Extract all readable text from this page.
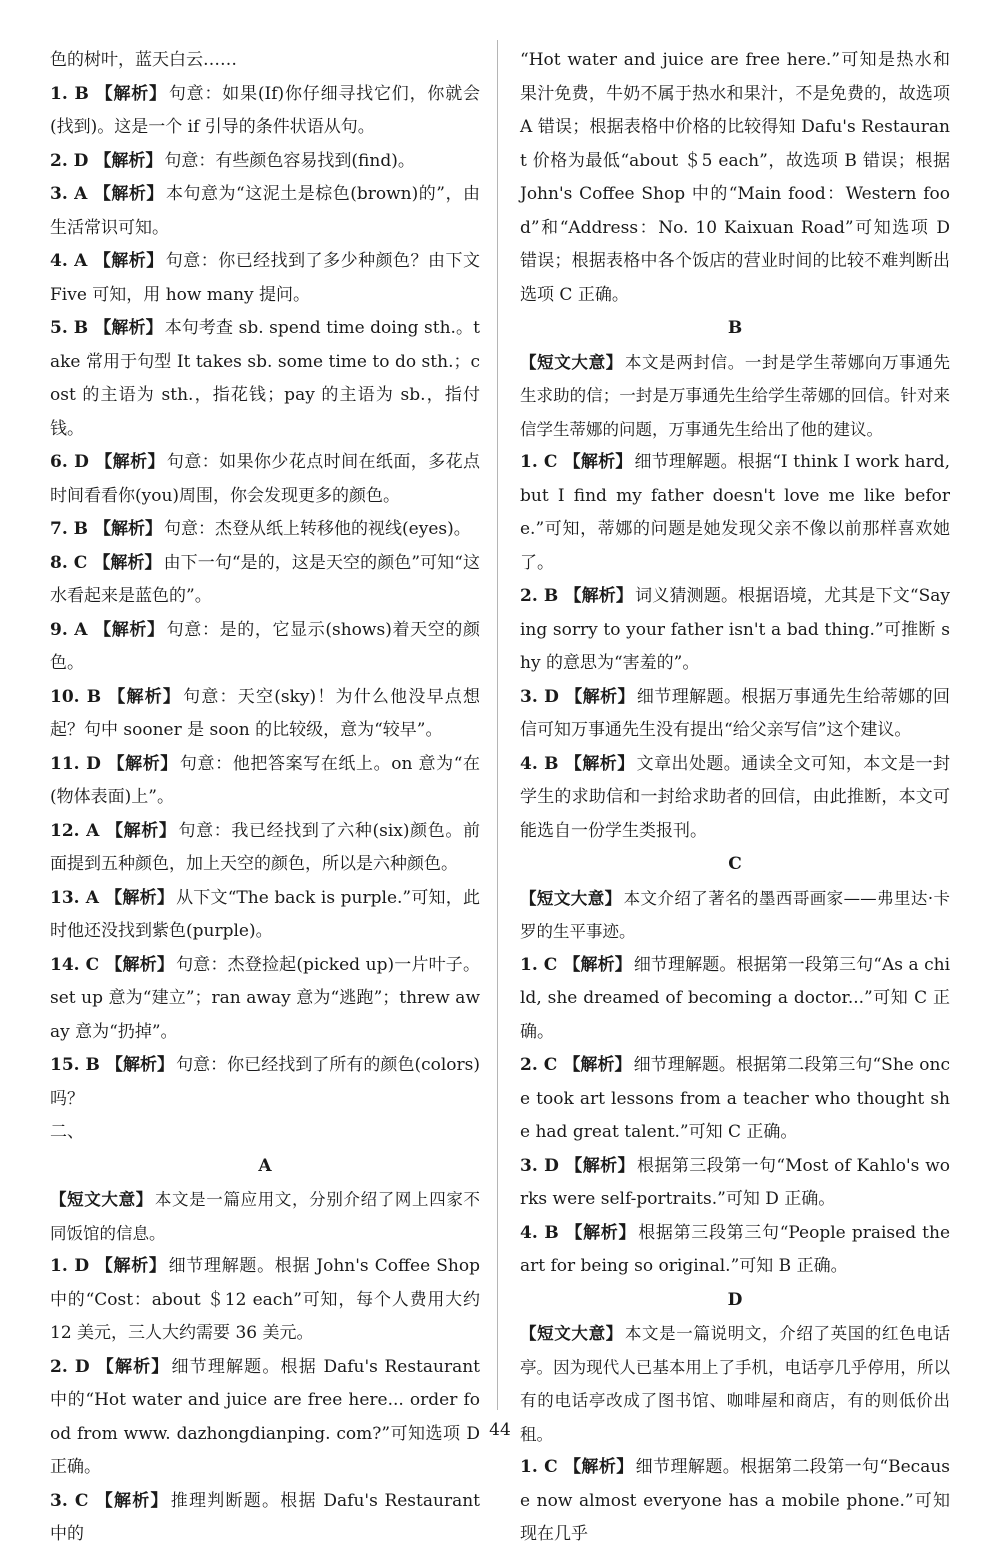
色的树叶，蓝天白云……

1. B 【解析】 句意：如果(If)你仔细寻找它们，你就会(找到)。这是一个 if 引导的条件状语从句。

2. D 【解析】 句意：有些颜色容易找到(find)。

3. A 【解析】 本句意为“这泥土是棕色(brown)的”，由生活常识可知。

4. A 【解析】 句意：你已经找到了多少种颜色？由下文 Five 可知，用 how many 提问。

5. B 【解析】 本句考查 sb. spend time doing sth.。take 常用于句型 It takes sb. some time to do sth.；cost 的主语为 sth.，指花钱；pay 的主语为 sb.，指付钱。

6. D 【解析】 句意：如果你少花点时间在纸面，多花点时间看看你(you)周围，你会发现更多的颜色。

7. B 【解析】 句意：杰登从纸上转移他的视线(eyes)。

8. C 【解析】 由下一句“是的，这是天空的颜色”可知“这水看起来是蓝色的”。

9. A 【解析】 句意：是的，它显示(shows)着天空的颜色。

10. B 【解析】 句意：天空(sky)！为什么他没早点想起？句中 sooner 是 soon 的比较级，意为“较早”。

11. D 【解析】 句意：他把答案写在纸上。on 意为“在(物体表面)上”。

12. A 【解析】 句意：我已经找到了六种(six)颜色。前面提到五种颜色，加上天空的颜色，所以是六种颜色。

13. A 【解析】 从下文“The back is purple.”可知，此时他还没找到紫色(purple)。

14. C 【解析】 句意：杰登捡起(picked up)一片叶子。set up 意为“建立”；ran away 意为“逃跑”；threw away 意为“扔掉”。

15. B 【解析】 句意：你已经找到了所有的颜色(colors)吗？

二、

A

【短文大意】 本文是一篇应用文，分别介绍了网上四家不同饭馆的信息。

1. D 【解析】 细节理解题。根据 John's Coffee Shop 中的“Cost：about ＄12 each”可知，每个人费用大约 12 美元，三人大约需要 36 美元。

2. D 【解析】 细节理解题。根据 Dafu's Restaurant 中的“Hot water and juice are free here... order food from www. dazhongdianping. com?”可知选项 D 正确。

3. C 【解析】 推理判断题。根据 Dafu's Restaurant 中的

“Hot water and juice are free here.”可知是热水和果汁免费，牛奶不属于热水和果汁，不是免费的，故选项 A 错误；根据表格中价格的比较得知 Dafu's Restaurant 价格为最低“about ＄5 each”，故选项 B 错误；根据 John's Coffee Shop 中的“Main food：Western food”和“Address：No. 10 Kaixuan Road”可知选项 D 错误；根据表格中各个饭店的营业时间的比较不难判断出选项 C 正确。

B

【短文大意】 本文是两封信。一封是学生蒂娜向万事通先生求助的信；一封是万事通先生给学生蒂娜的回信。针对来信学生蒂娜的问题，万事通先生给出了他的建议。

1. C 【解析】 细节理解题。根据“I think I work hard, but I find my father doesn't love me like before.”可知，蒂娜的问题是她发现父亲不像以前那样喜欢她了。

2. B 【解析】 词义猜测题。根据语境，尤其是下文“Saying sorry to your father isn't a bad thing.”可推断 shy 的意思为“害羞的”。

3. D 【解析】 细节理解题。根据万事通先生给蒂娜的回信可知万事通先生没有提出“给父亲写信”这个建议。

4. B 【解析】 文章出处题。通读全文可知，本文是一封学生的求助信和一封给求助者的回信，由此推断，本文可能选自一份学生类报刊。

C

【短文大意】 本文介绍了著名的墨西哥画家——弗里达·卡罗的生平事迹。

1. C 【解析】 细节理解题。根据第一段第三句“As a child, she dreamed of becoming a doctor...”可知 C 正确。

2. C 【解析】 细节理解题。根据第二段第三句“She once took art lessons from a teacher who thought she had great talent.”可知 C 正确。

3. D 【解析】 根据第三段第一句“Most of Kahlo's works were self-portraits.”可知 D 正确。

4. B 【解析】 根据第三段第三句“People praised the art for being so original.”可知 B 正确。

D

【短文大意】 本文是一篇说明文，介绍了英国的红色电话亭。因为现代人已基本用上了手机，电话亭几乎停用，所以有的电话亭改成了图书馆、咖啡屋和商店，有的则低价出租。

1. C 【解析】 细节理解题。根据第二段第一句“Because now almost everyone has a mobile phone.”可知现在几乎

44
